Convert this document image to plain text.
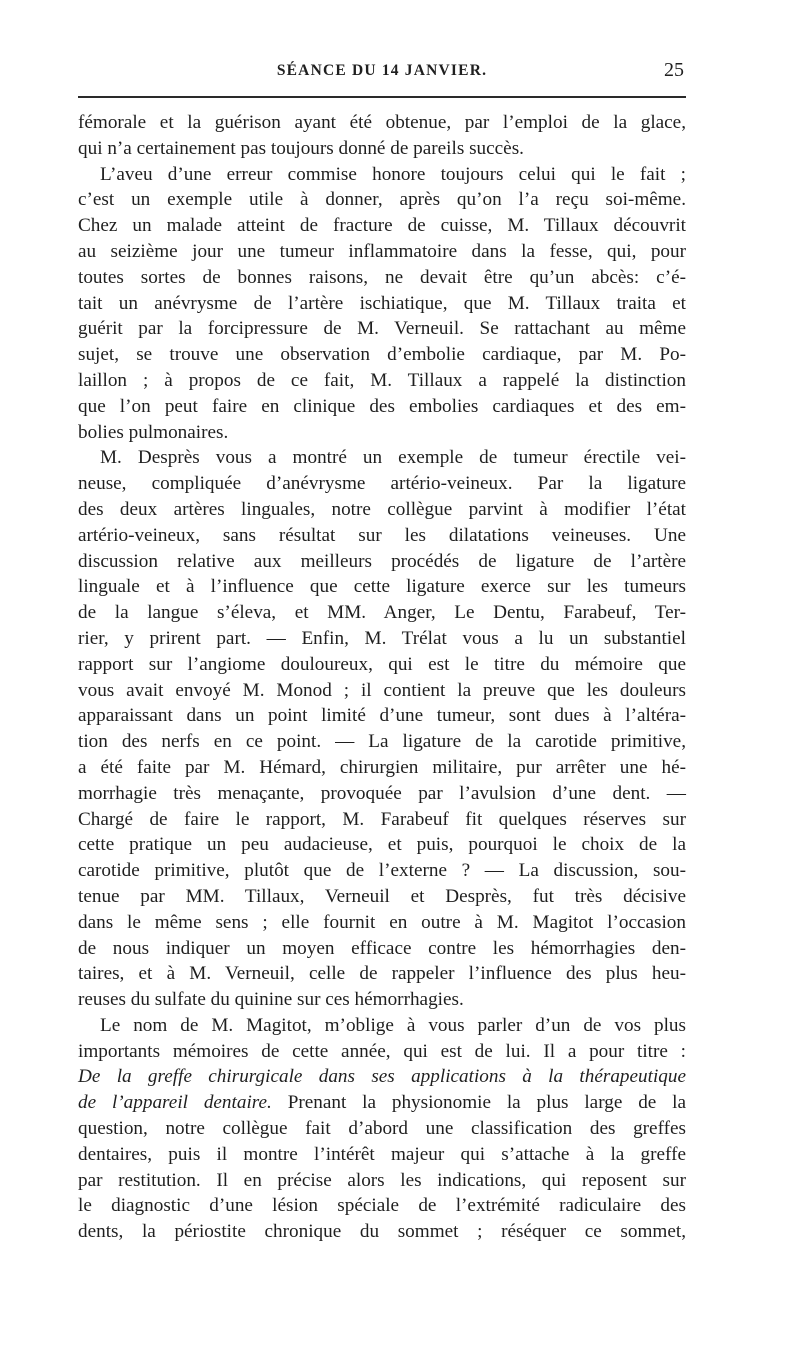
SÉANCE DU 14 JANVIER.	25
fémorale et la guérison ayant été obtenue, par l’emploi de la glace,
qui n’a certainement pas toujours donné de pareils succès.
L’aveu d’une erreur commise honore toujours celui qui le fait ;
c’est un exemple utile à donner, après qu’on l’a reçu soi-même.
Chez un malade atteint de fracture de cuisse, M. Tillaux découvrit
au seizième jour une tumeur inflammatoire dans la fesse, qui, pour
toutes sortes de bonnes raisons, ne devait être qu’un abcès: c’é-
tait un anévrysme de l’artère ischiatique, que M. Tillaux traita et
guérit par la forcipressure de M. Verneuil. Se rattachant au même
sujet, se trouve une observation d’embolie cardiaque, par M. Po-
laillon ; à propos de ce fait, M. Tillaux a rappelé la distinction
que l’on peut faire en clinique des embolies cardiaques et des em-
bolies pulmonaires.
M. Desprès vous a montré un exemple de tumeur érectile vei-
neuse, compliquée d’anévrysme artério-veineux. Par la ligature
des deux artères linguales, notre collègue parvint à modifier l’état
artério-veineux, sans résultat sur les dilatations veineuses. Une
discussion relative aux meilleurs procédés de ligature de l’artère
linguale et à l’influence que cette ligature exerce sur les tumeurs
de la langue s’éleva, et MM. Anger, Le Dentu, Farabeuf, Ter-
rier, y prirent part. — Enfin, M. Trélat vous a lu un substantiel
rapport sur l’angiome douloureux, qui est le titre du mémoire que
vous avait envoyé M. Monod ; il contient la preuve que les douleurs
apparaissant dans un point limité d’une tumeur, sont dues à l’altéra-
tion des nerfs en ce point. — La ligature de la carotide primitive,
a été faite par M. Hémard, chirurgien militaire, pur arrêter une hé-
morrhagie très menaçante, provoquée par l’avulsion d’une dent. —
Chargé de faire le rapport, M. Farabeuf fit quelques réserves sur
cette pratique un peu audacieuse, et puis, pourquoi le choix de la
carotide primitive, plutôt que de l’externe ? — La discussion, sou-
tenue par MM. Tillaux, Verneuil et Desprès, fut très décisive
dans le même sens ; elle fournit en outre à M. Magitot l’occasion
de nous indiquer un moyen efficace contre les hémorrhagies den-
taires, et à M. Verneuil, celle de rappeler l’influence des plus heu-
reuses du sulfate du quinine sur ces hémorrhagies.
Le nom de M. Magitot, m’oblige à vous parler d’un de vos plus
importants mémoires de cette année, qui est de lui. Il a pour titre :
De la greffe chirurgicale dans ses applications à la thérapeutique
de l’appareil dentaire. Prenant la physionomie la plus large de la
question, notre collègue fait d’abord une classification des greffes
dentaires, puis il montre l’intérêt majeur qui s’attache à la greffe
par restitution. Il en précise alors les indications, qui reposent sur
le diagnostic d’une lésion spéciale de l’extrémité radiculaire des
dents, la périostite chronique du sommet ; réséquer ce sommet,
